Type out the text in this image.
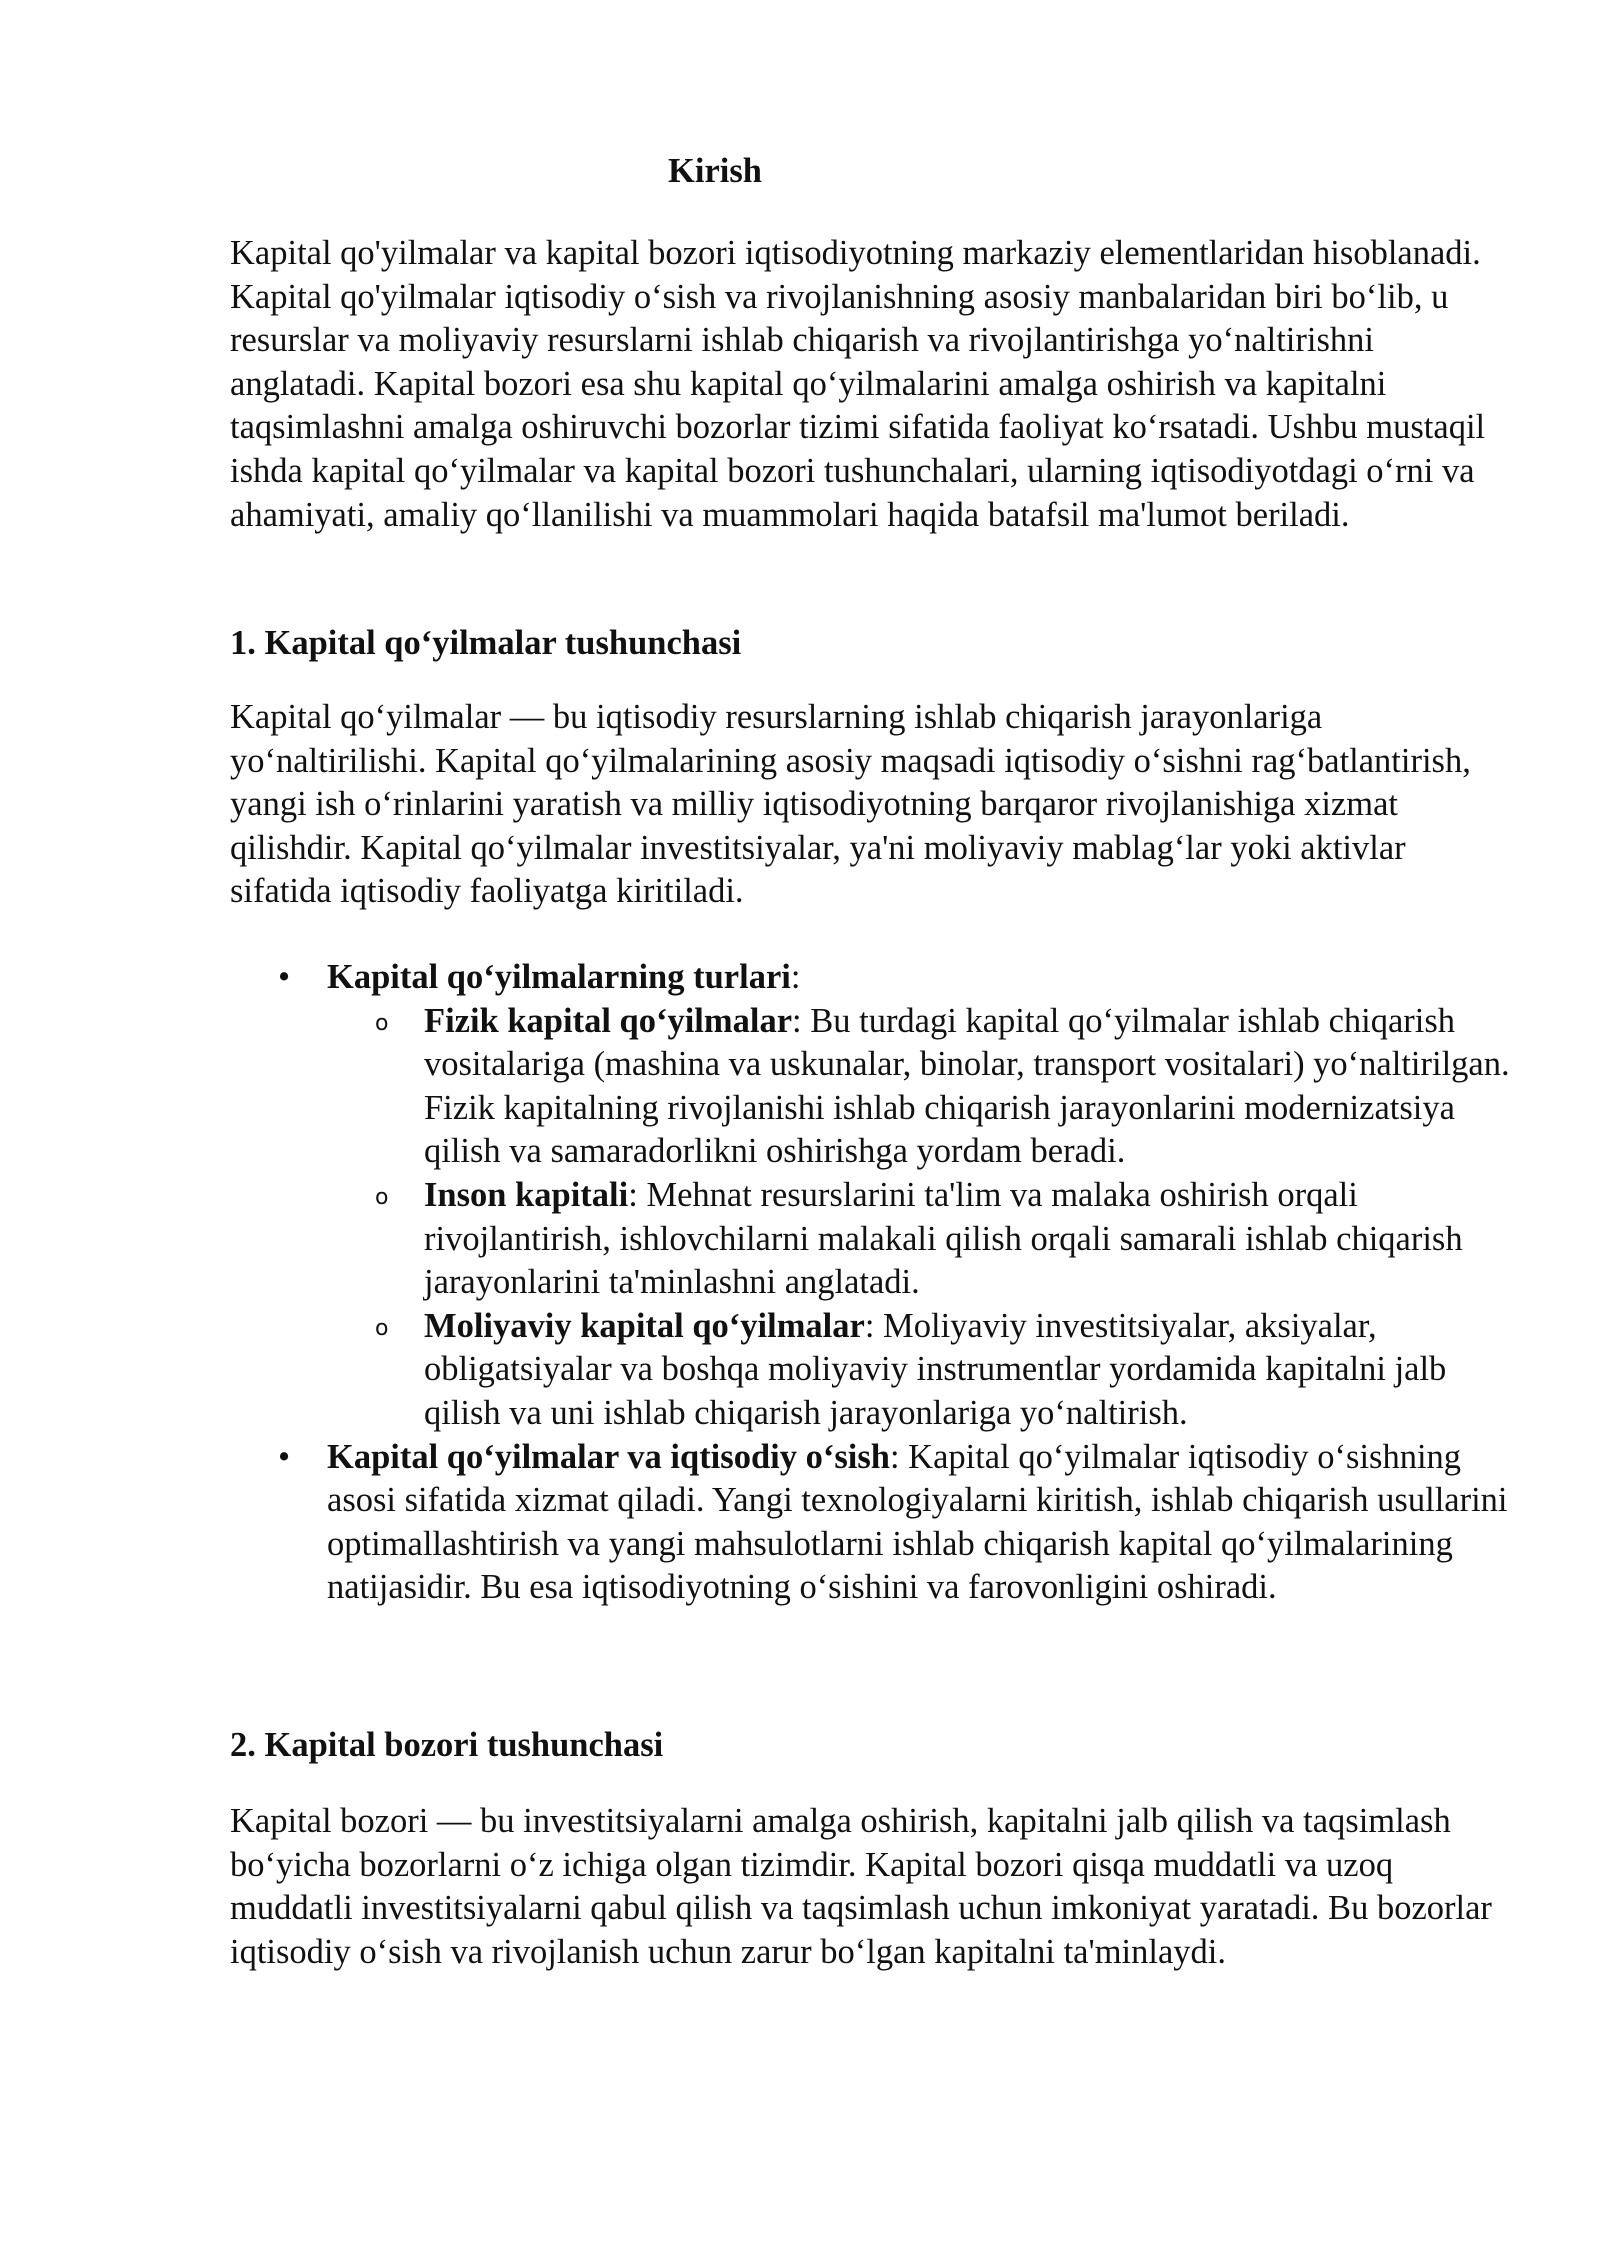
Kirish

Kapital qo'yilmalar va kapital bozori iqtisodiyotning markaziy elementlaridan hisoblanadi. Kapital qo'yilmalar iqtisodiy o‘sish va rivojlanishning asosiy manbalaridan biri bo‘lib, u resurslar va moliyaviy resurslarni ishlab chiqarish va rivojlantirishga yo‘naltirishni anglatadi. Kapital bozori esa shu kapital qo‘yilmalarini amalga oshirish va kapitalni taqsimlashni amalga oshiruvchi bozorlar tizimi sifatida faoliyat ko‘rsatadi. Ushbu mustaqil ishda kapital qo‘yilmalar va kapital bozori tushunchalari, ularning iqtisodiyotdagi o‘rni va ahamiyati, amaliy qo‘llanilishi va muammolari haqida batafsil ma'lumot beriladi.

1. Kapital qo‘yilmalar tushunchasi

Kapital qo‘yilmalar — bu iqtisodiy resurslarning ishlab chiqarish jarayonlariga yo‘naltirilishi. Kapital qo‘yilmalarining asosiy maqsadi iqtisodiy o‘sishni rag‘batlantirish, yangi ish o‘rinlarini yaratish va milliy iqtisodiyotning barqaror rivojlanishiga xizmat qilishdir. Kapital qo‘yilmalar investitsiyalar, ya'ni moliyaviy mablag‘lar yoki aktivlar sifatida iqtisodiy faoliyatga kiritiladi.

• Kapital qo‘yilmalarning turlari:
o Fizik kapital qo‘yilmalar: Bu turdagi kapital qo‘yilmalar ishlab chiqarish vositalariga (mashina va uskunalar, binolar, transport vositalari) yo‘naltirilgan. Fizik kapitalning rivojlanishi ishlab chiqarish jarayonlarini modernizatsiya qilish va samaradorlikni oshirishga yordam beradi.
o Inson kapitali: Mehnat resurslarini ta'lim va malaka oshirish orqali rivojlantirish, ishlovchilarni malakali qilish orqali samarali ishlab chiqarish jarayonlarini ta'minlashni anglatadi.
o Moliyaviy kapital qo‘yilmalar: Moliyaviy investitsiyalar, aksiyalar, obligatsiyalar va boshqa moliyaviy instrumentlar yordamida kapitalni jalb qilish va uni ishlab chiqarish jarayonlariga yo‘naltirish.
• Kapital qo‘yilmalar va iqtisodiy o‘sish: Kapital qo‘yilmalar iqtisodiy o‘sishning asosi sifatida xizmat qiladi. Yangi texnologiyalarni kiritish, ishlab chiqarish usullarini optimallashtirish va yangi mahsulotlarni ishlab chiqarish kapital qo‘yilmalarining natijasidir. Bu esa iqtisodiyotning o‘sishini va farovonligini oshiradi.
2. Kapital bozori tushunchasi

Kapital bozori — bu investitsiyalarni amalga oshirish, kapitalni jalb qilish va taqsimlash bo‘yicha bozorlarni o‘z ichiga olgan tizimdir. Kapital bozori qisqa muddatli va uzoq muddatli investitsiyalarni qabul qilish va taqsimlash uchun imkoniyat yaratadi. Bu bozorlar iqtisodiy o‘sish va rivojlanish uchun zarur bo‘lgan kapitalni ta'minlaydi.
